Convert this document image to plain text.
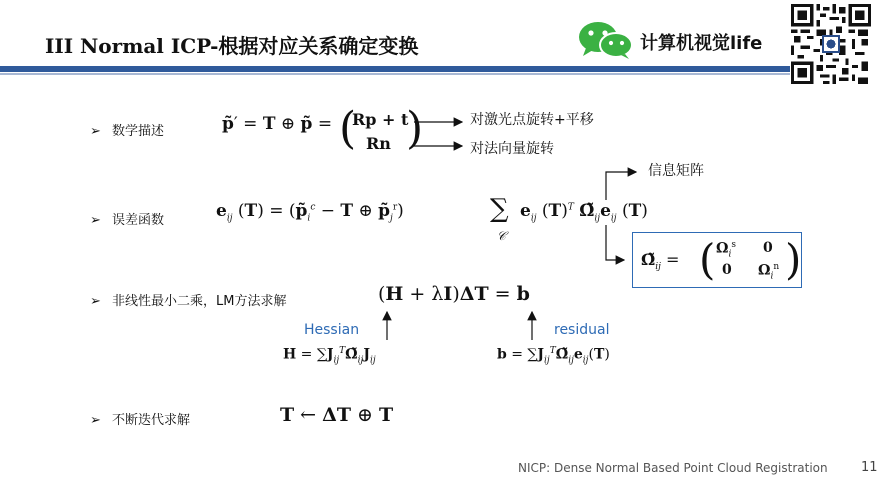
III Normal ICP-根据对应关系确定变换	计算机视觉life
➢ 数学描述	p̃′ = T ⊕ p̃ = (
Rp + t
Rn )	对激光点旋转+平移
对法向量旋转
➢ 误差函数	$e_{ij}$ $(T) = (p̃_i^c - T$ ⊕ $p̃_j^r$)	∑
𝒞
$e_{ij}$ $(T)^T$ $\Omegã_{ij}e_{ij}$ (T)
信息矩阵
$\Omegã_{ij}$ = ( $\Omega_i^s$ 0
0 $\Omega_i^n$ )
➢ 非线性最小二乘，LM方法求解	(H + λI)ΔT = b
Hessian	residual
$H = \sum J_{ij}^T\Omegã_{ij}J_{ij}$	$b = \sum J_{ij}^T\Omegã_{ij}e_{ij}(T)$
➢ 不断迭代求解	T ← ΔT ⊕ T
NICP: Dense Normal Based Point Cloud Registration	11
